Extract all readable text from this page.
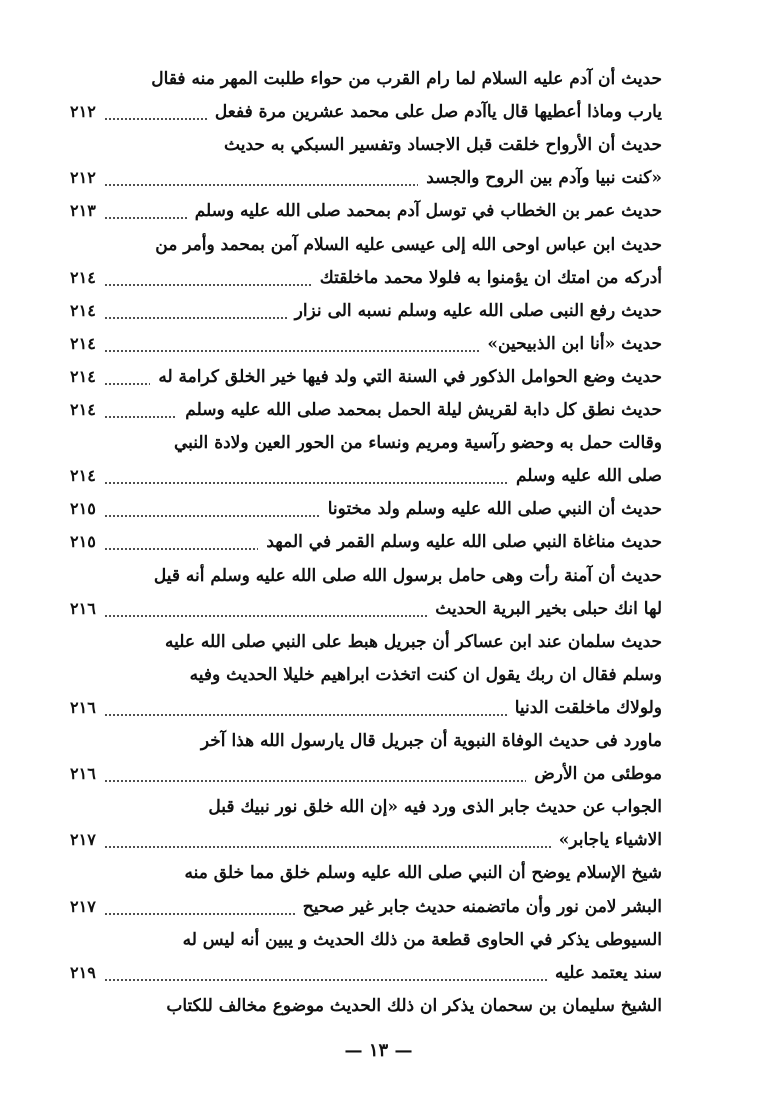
حديث أن آدم عليه السلام لما رام القرب من حواء طلبت المهر منه فقال
يارب وماذا أعطيها قال ياآدم صل على محمد عشرين مرة ففعل
٢١٢
حديث أن الأرواح خلقت قبل الاجساد وتفسير السبكي به حديث
«كنت نبيا وآدم بين الروح والجسد
٢١٢
حديث عمر بن الخطاب في توسل آدم بمحمد صلى الله عليه وسلم
٢١٣
حديث ابن عباس اوحى الله إلى عيسى عليه السلام آمن بمحمد وأمر من
أدركه من امتك ان يؤمنوا به فلولا محمد ماخلقتك
٢١٤
حديث رفع النبى صلى الله عليه وسلم نسبه الى نزار
٢١٤
حديث «أنا ابن الذبيحين»
٢١٤
حديث وضع الحوامل الذكور في السنة التي ولد فيها خير الخلق كرامة له
٢١٤
حديث نطق كل دابة لقريش ليلة الحمل بمحمد صلى الله عليه وسلم
٢١٤
وقالت حمل به وحضو رآسية ومريم ونساء من الحور العين ولادة النبي
صلى الله عليه وسلم
٢١٤
حديث أن النبي صلى الله عليه وسلم ولد مختونا
٢١٥
حديث مناغاة النبي صلى الله عليه وسلم القمر في المهد
٢١٥
حديث أن آمنة رأت وهى حامل برسول الله صلى الله عليه وسلم أنه قيل
لها انك حبلى بخير البرية الحديث
٢١٦
حديث سلمان عند ابن عساكر أن جبريل هبط على النبي صلى الله عليه
وسلم فقال ان ربك يقول ان كنت اتخذت ابراهيم خليلا الحديث وفيه
ولولاك ماخلقت الدنيا
٢١٦
ماورد فى حديث الوفاة النبوية أن جبريل قال يارسول الله هذا آخر
موطئى من الأرض
٢١٦
الجواب عن حديث جابر الذى ورد فيه «إن الله خلق نور نبيك قبل
الاشياء ياجابر»
٢١٧
شيخ الإسلام يوضح أن النبي صلى الله عليه وسلم خلق مما خلق منه
البشر لامن نور وأن ماتضمنه حديث جابر غير صحيح
٢١٧
السيوطى يذكر في الحاوى قطعة من ذلك الحديث و يبين أنه ليس له
سند يعتمد عليه
٢١٩
الشيخ سليمان بن سحمان يذكر ان ذلك الحديث موضوع مخالف للكتاب
— ١٣ —
